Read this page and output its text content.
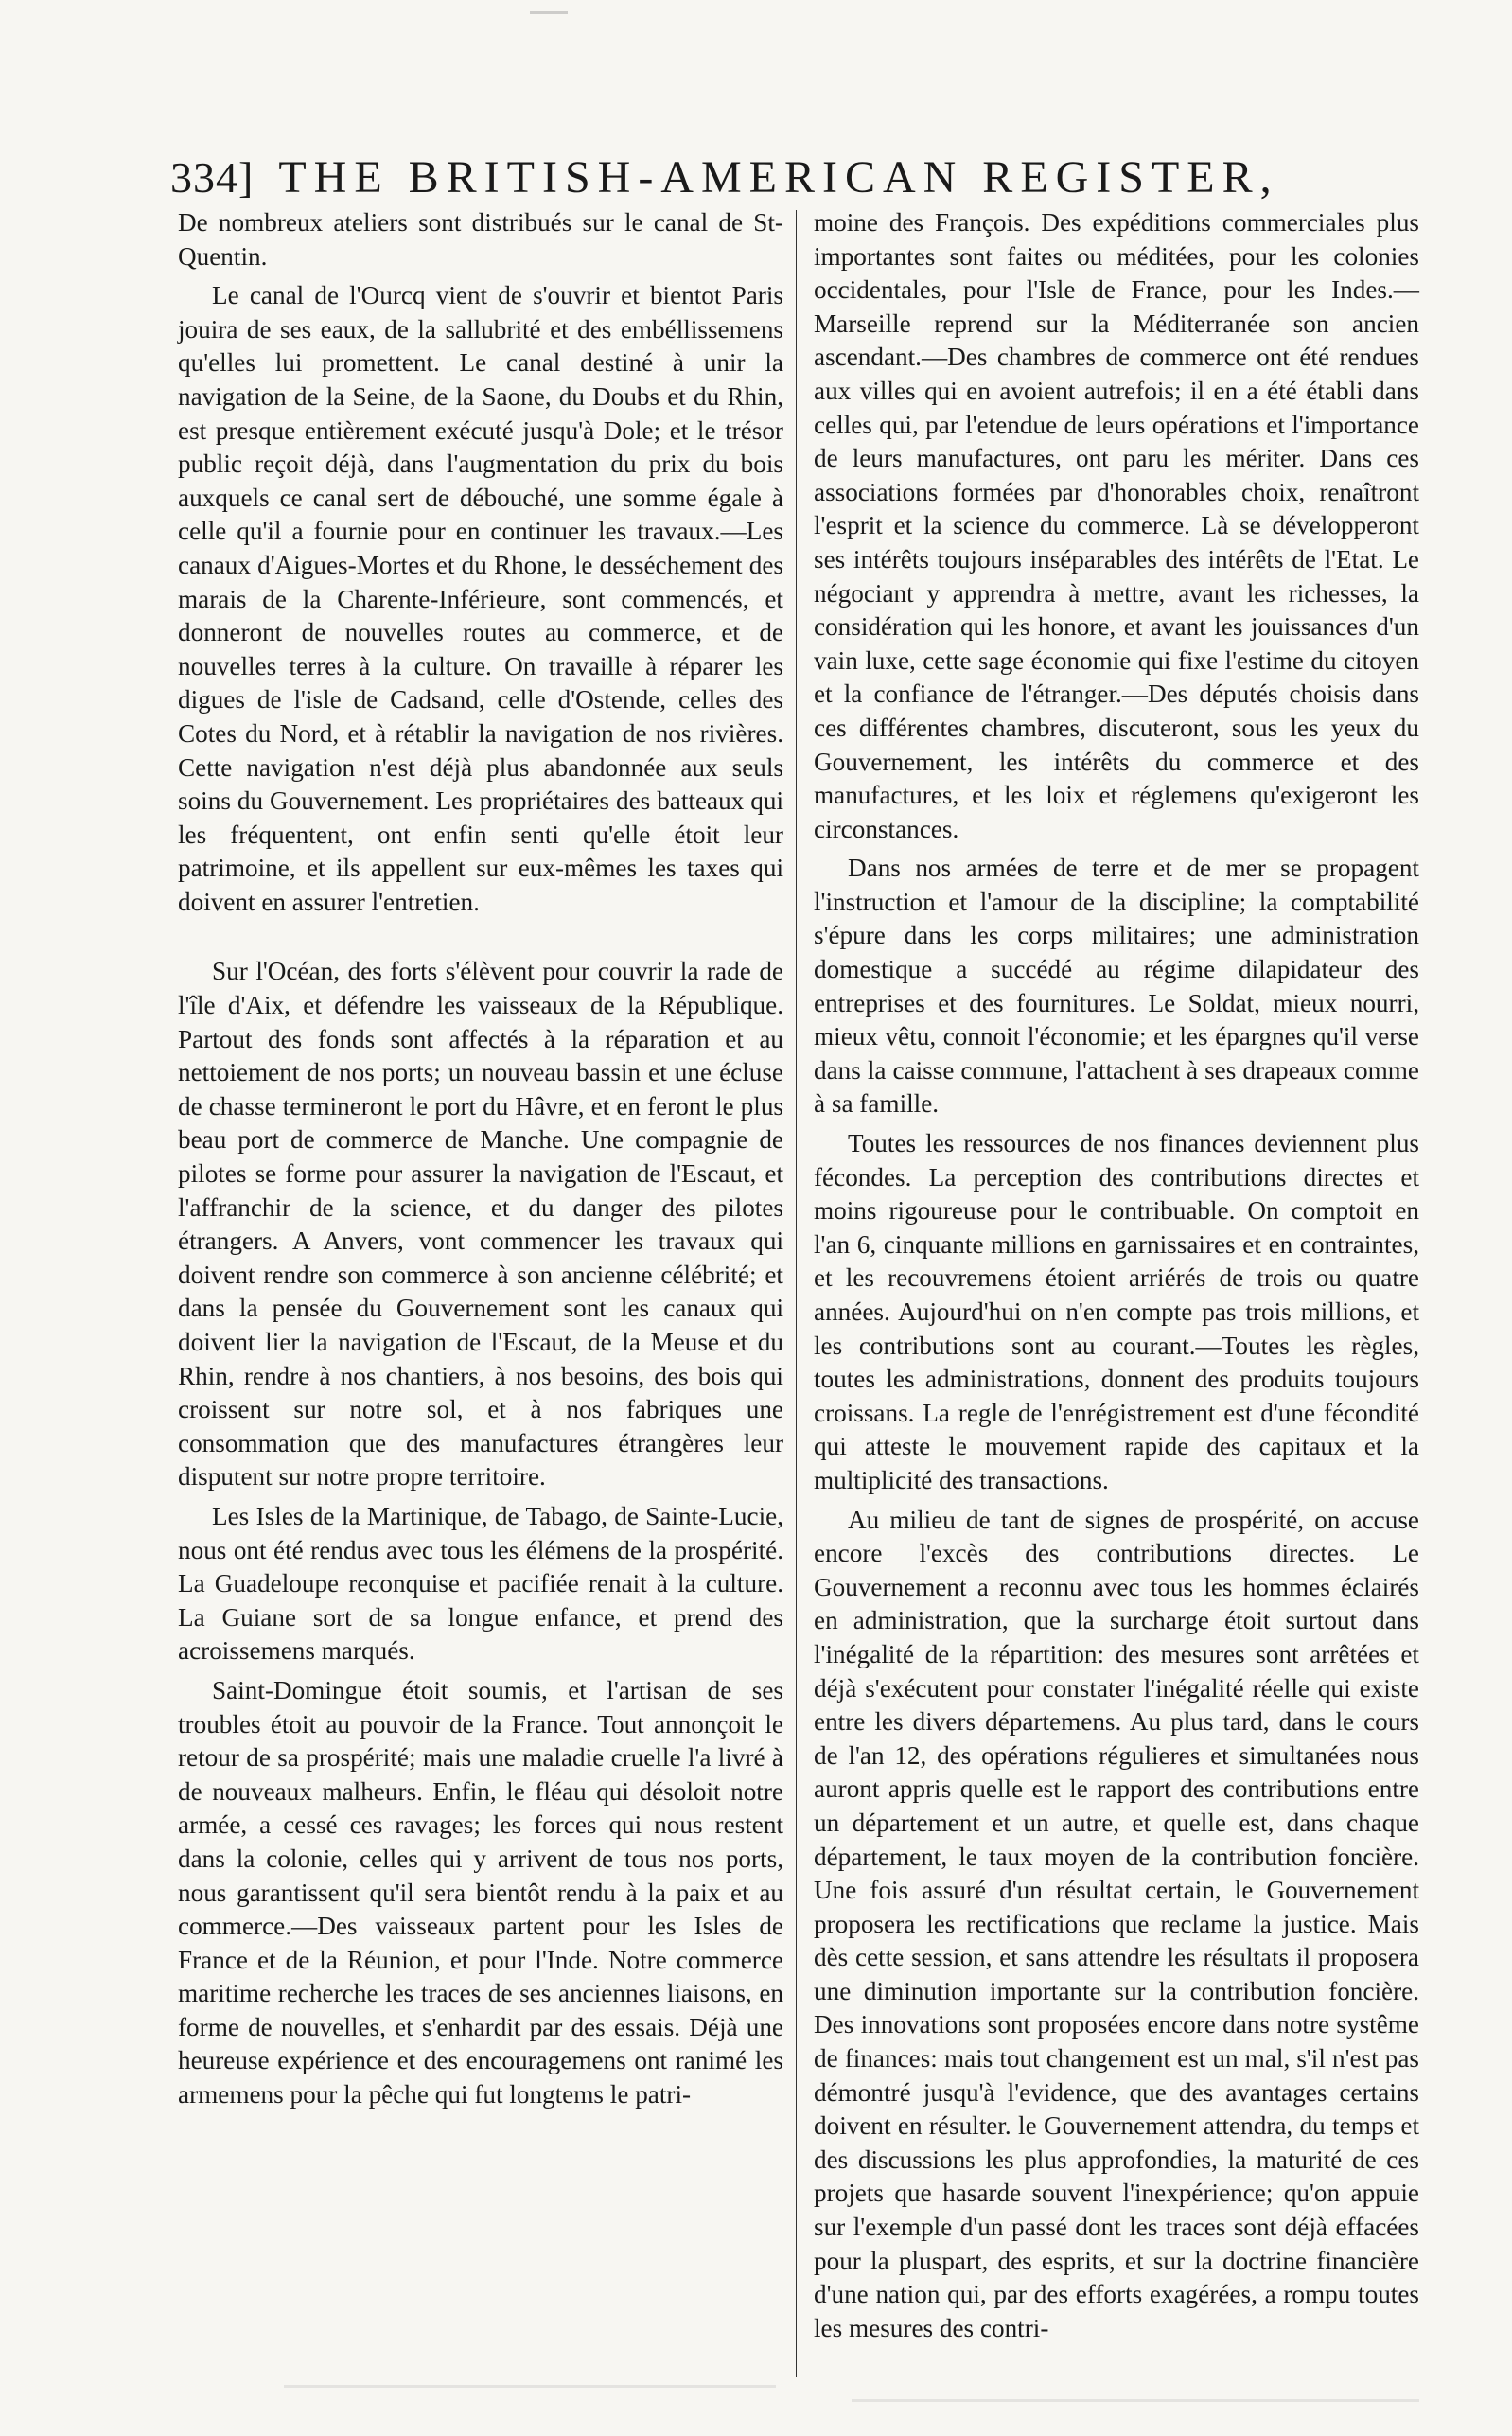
334] THE BRITISH-AMERICAN REGISTER,

De nombreux ateliers sont distribués sur le canal de St- Quentin.

Le canal de l'Ourcq vient de s'ouvrir et bientot Paris jouira de ses eaux, de la sallubrité et des embéllissemens qu'elles lui promettent. Le canal destiné à unir la navigation de la Seine, de la Saone, du Doubs et du Rhin, est presque entièrement exécuté jusqu'à Dole; et le trésor public reçoit déjà, dans l'augmentation du prix du bois auxquels ce canal sert de débouché, une somme égale à celle qu'il a fournie pour en continuer les travaux.—Les canaux d'Aigues-Mortes et du Rhone, le desséchement des marais de la Charente-Inférieure, sont commencés, et donneront de nouvelles routes au commerce, et de nouvelles terres à la culture. On travaille à réparer les digues de l'isle de Cadsand, celle d'Ostende, celles des Cotes du Nord, et à rétablir la navigation de nos rivières. Cette navigation n'est déjà plus abandonnée aux seuls soins du Gouvernement. Les propriétaires des batteaux qui les fréquentent, ont enfin senti qu'elle étoit leur patrimoine, et ils appellent sur eux-mêmes les taxes qui doivent en assurer l'entretien.

Sur l'Océan, des forts s'élèvent pour couvrir la rade de l'île d'Aix, et défendre les vaisseaux de la République. Partout des fonds sont affectés à la réparation et au nettoiement de nos ports; un nouveau bassin et une écluse de chasse termineront le port du Hâvre, et en feront le plus beau port de commerce de Manche. Une compagnie de pilotes se forme pour assurer la navigation de l'Escaut, et l'affranchir de la science, et du danger des pilotes étrangers. A Anvers, vont commencer les travaux qui doivent rendre son commerce à son ancienne célébrité; et dans la pensée du Gouvernement sont les canaux qui doivent lier la navigation de l'Escaut, de la Meuse et du Rhin, rendre à nos chantiers, à nos besoins, des bois qui croissent sur notre sol, et à nos fabriques une consommation que des manufactures étrangères leur disputent sur notre propre territoire.

Les Isles de la Martinique, de Tabago, de Sainte-Lucie, nous ont été rendus avec tous les élémens de la prospérité. La Guadeloupe reconquise et pacifiée renait à la culture. La Guiane sort de sa longue enfance, et prend des acroissemens marqués.

Saint-Domingue étoit soumis, et l'artisan de ses troubles étoit au pouvoir de la France. Tout annonçoit le retour de sa prospérité; mais une maladie cruelle l'a livré à de nouveaux malheurs. Enfin, le fléau qui désoloit notre armée, a cessé ces ravages; les forces qui nous restent dans la colonie, celles qui y arrivent de tous nos ports, nous garantissent qu'il sera bientôt rendu à la paix et au commerce.—Des vaisseaux partent pour les Isles de France et de la Réunion, et pour l'Inde. Notre commerce maritime recherche les traces de ses anciennes liaisons, en forme de nouvelles, et s'enhardit par des essais. Déjà une heureuse expérience et des encouragemens ont ranimé les armemens pour la pêche qui fut longtems le patri-

moine des François. Des expéditions commerciales plus importantes sont faites ou méditées, pour les colonies occidentales, pour l'Isle de France, pour les Indes.—Marseille reprend sur la Méditerranée son ancien ascendant.—Des chambres de commerce ont été rendues aux villes qui en avoient autrefois; il en a été établi dans celles qui, par l'etendue de leurs opérations et l'importance de leurs manufactures, ont paru les mériter. Dans ces associations formées par d'honorables choix, renaîtront l'esprit et la science du commerce. Là se développeront ses intérêts toujours inséparables des intérêts de l'Etat. Le négociant y apprendra à mettre, avant les richesses, la considération qui les honore, et avant les jouissances d'un vain luxe, cette sage économie qui fixe l'estime du citoyen et la confiance de l'étranger.—Des députés choisis dans ces différentes chambres, discuteront, sous les yeux du Gouvernement, les intérêts du commerce et des manufactures, et les loix et réglemens qu'exigeront les circonstances.

Dans nos armées de terre et de mer se propagent l'instruction et l'amour de la discipline; la comptabilité s'épure dans les corps militaires; une administration domestique a succédé au régime dilapidateur des entreprises et des fournitures. Le Soldat, mieux nourri, mieux vêtu, connoit l'économie; et les épargnes qu'il verse dans la caisse commune, l'attachent à ses drapeaux comme à sa famille.

Toutes les ressources de nos finances deviennent plus fécondes. La perception des contributions directes et moins rigoureuse pour le contribuable. On comptoit en l'an 6, cinquante millions en garnissaires et en contraintes, et les recouvremens étoient arriérés de trois ou quatre années. Aujourd'hui on n'en compte pas trois millions, et les contributions sont au courant.—Toutes les règles, toutes les administrations, donnent des produits toujours croissans. La regle de l'enrégistrement est d'une fécondité qui atteste le mouvement rapide des capitaux et la multiplicité des transactions.

Au milieu de tant de signes de prospérité, on accuse encore l'excès des contributions directes. Le Gouvernement a reconnu avec tous les hommes éclairés en administration, que la surcharge étoit surtout dans l'inégalité de la répartition: des mesures sont arrêtées et déjà s'exécutent pour constater l'inégalité réelle qui existe entre les divers départemens. Au plus tard, dans le cours de l'an 12, des opérations régulieres et simultanées nous auront appris quelle est le rapport des contributions entre un département et un autre, et quelle est, dans chaque département, le taux moyen de la contribution foncière. Une fois assuré d'un résultat certain, le Gouvernement proposera les rectifications que reclame la justice. Mais dès cette session, et sans attendre les résultats il proposera une diminution importante sur la contribution foncière. Des innovations sont proposées encore dans notre systême de finances: mais tout changement est un mal, s'il n'est pas démontré jusqu'à l'evidence, que des avantages certains doivent en résulter. le Gouvernement attendra, du temps et des discussions les plus approfondies, la maturité de ces projets que hasarde souvent l'inexpérience; qu'on appuie sur l'exemple d'un passé dont les traces sont déjà effacées pour la pluspart, des esprits, et sur la doctrine financière d'une nation qui, par des efforts exagérées, a rompu toutes les mesures des contri-
